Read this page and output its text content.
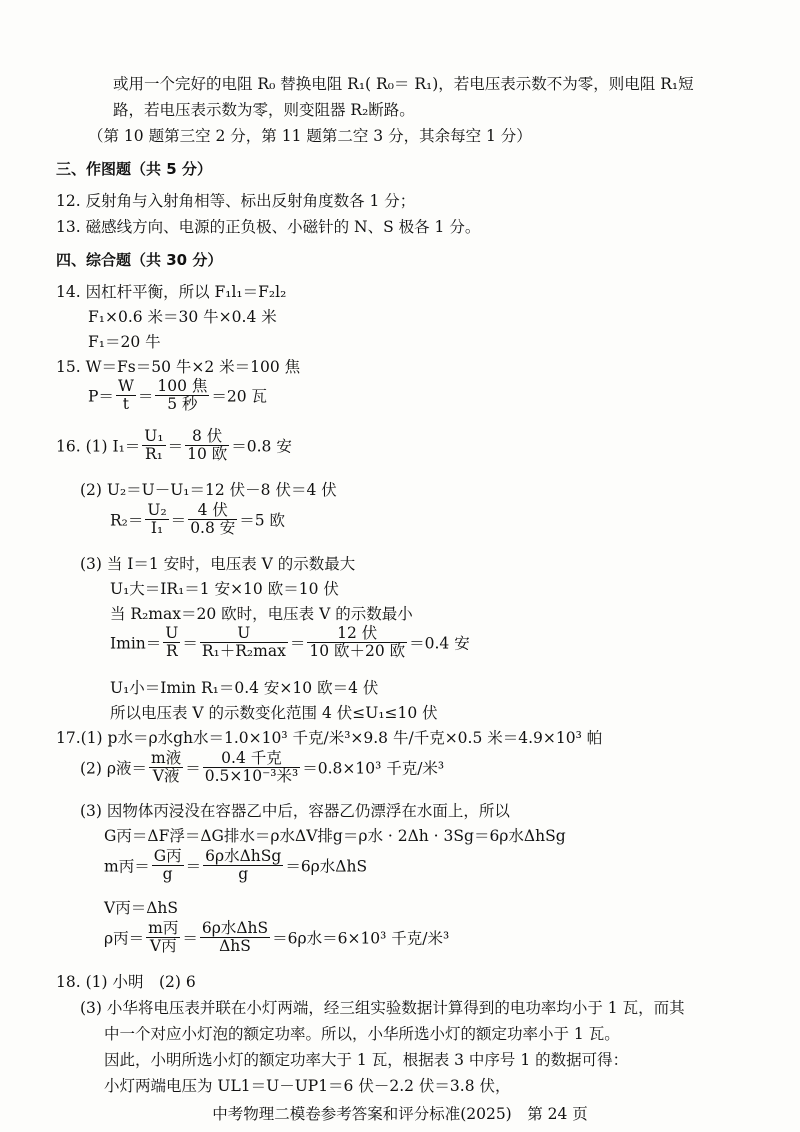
或用一个完好的电阻 R₀ 替换电阻 R₁( R₀＝ R₁)，若电压表示数不为零，则电阻 R₁短
路，若电压表示数为零，则变阻器 R₂断路。
（第 10 题第三空 2 分，第 11 题第二空 3 分，其余每空 1 分）
三、作图题（共 5 分）
12. 反射角与入射角相等、标出反射角度数各 1 分；
13. 磁感线方向、电源的正负极、小磁针的 N、S 极各 1 分。
四、综合题（共 30 分）
14. 因杠杆平衡，所以 F₁l₁＝F₂l₂
F₁×0.6 米＝30 牛×0.4 米
F₁＝20 牛
15. W＝Fs＝50 牛×2 米＝100 焦
$P= \frac{W}{t} = \frac{\text{100 焦}}{\text{5 秒}} =20$ 瓦
16. (1) $I_1= \frac{\text{U₁}}{\text{R₁}} = \frac{\text{8 伏}}{\text{10 欧}} =0.8$ 安
(2) U₂＝U－U₁＝12 伏－8 伏＝4 伏
$R_2= \frac{\text{U₂}}{\text{I₁}} = \frac{\text{4 伏}}{\text{0.8 安}} =5$ 欧
(3) 当 I＝1 安时，电压表 V 的示数最大
U₁大＝IR₁＝1 安×10 欧＝10 伏
当 R₂max＝20 欧时，电压表 V 的示数最小
$Imin= \frac{U}{R} = \frac{U}{\text{R₁＋R₂max}} = \frac{\text{12 伏}}{\text{10 欧＋20 欧}} =0.4$ 安
U₁小＝Imin R₁＝0.4 安×10 欧＝4 伏
所以电压表 V 的示数变化范围 4 伏≤U₁≤10 伏
17.(1) p水＝ρ水gh水＝1.0×10³ 千克/米³×9.8 牛/千克×0.5 米＝4.9×10³ 帕
(2) ρ液＝ $\frac{\text{m液}}{\text{V液}} = \frac{\text{0.4 千克}}{\text{0.5×10⁻³米³}} =0.8\times 10^3$ 千克/米³
(3) 因物体丙浸没在容器乙中后，容器乙仍漂浮在水面上，所以
G丙＝ΔF浮＝ΔG排水＝ρ水ΔV排g＝ρ水 · 2Δh · 3Sg＝6ρ水ΔhSg
m丙＝ $\frac{\text{G丙}}{g} = \frac{\text{6ρ水ΔhSg}}{g} =6\rho$水ΔhS
V丙＝ΔhS
ρ丙＝ $\frac{\text{m丙}}{\text{V丙}} = \frac{\text{6ρ水ΔhS}}{\text{ΔhS}} =6\rho$水＝6×10³ 千克/米³
18. (1) 小明　(2) 6
(3) 小华将电压表并联在小灯两端，经三组实验数据计算得到的电功率均小于 1 瓦，而其
中一个对应小灯泡的额定功率。所以，小华所选小灯的额定功率小于 1 瓦。
因此，小明所选小灯的额定功率大于 1 瓦，根据表 3 中序号 1 的数据可得：
小灯两端电压为 UL1＝U－UP1＝6 伏－2.2 伏＝3.8 伏，
中考物理二模卷参考答案和评分标准(2025)　第 24 页
